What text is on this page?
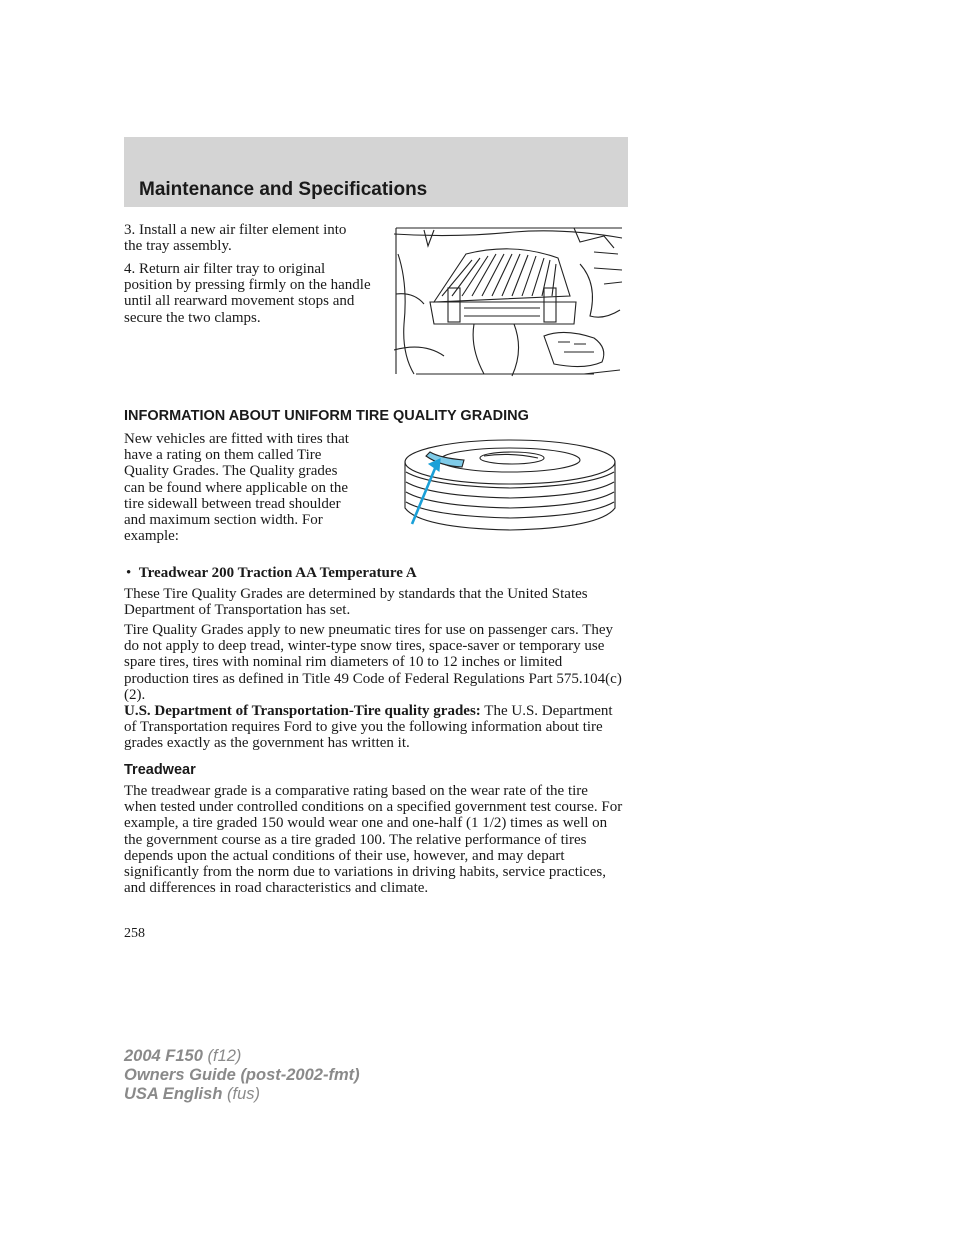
Maintenance and Specifications

3. Install a new air filter element into the tray assembly.

4. Return air filter tray to original position by pressing firmly on the handle until all rearward movement stops and secure the two clamps.

INFORMATION ABOUT UNIFORM TIRE QUALITY GRADING

New vehicles are fitted with tires that have a rating on them called Tire Quality Grades. The Quality grades can be found where applicable on the tire sidewall between tread shoulder and maximum section width. For example:

•  Treadwear 200 Traction AA Temperature A

These Tire Quality Grades are determined by standards that the United States Department of Transportation has set.

Tire Quality Grades apply to new pneumatic tires for use on passenger cars. They do not apply to deep tread, winter-type snow tires, space-saver or temporary use spare tires, tires with nominal rim diameters of 10 to 12 inches or limited production tires as defined in Title 49 Code of Federal Regulations Part 575.104(c)(2).

U.S. Department of Transportation-Tire quality grades: The U.S. Department of Transportation requires Ford to give you the following information about tire grades exactly as the government has written it.

Treadwear

The treadwear grade is a comparative rating based on the wear rate of the tire when tested under controlled conditions on a specified government test course. For example, a tire graded 150 would wear one and one-half (1 1/2) times as well on the government course as a tire graded 100. The relative performance of tires depends upon the actual conditions of their use, however, and may depart significantly from the norm due to variations in driving habits, service practices, and differences in road characteristics and climate.

258
2004 F150 (f12)
Owners Guide (post-2002-fmt)
USA English (fus)
